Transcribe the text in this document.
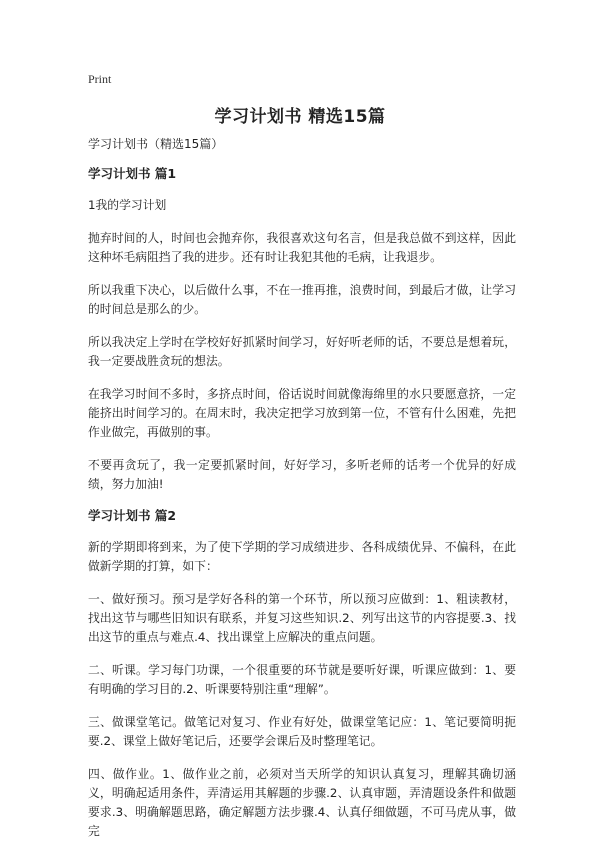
Print
学习计划书 精选15篇
学习计划书（精选15篇）
学习计划书 篇1

1我的学习计划

抛弃时间的人，时间也会抛弃你，我很喜欢这句名言，但是我总做不到这样，因此这种坏毛病阻挡了我的进步。还有时让我犯其他的毛病，让我退步。

所以我重下决心，以后做什么事，不在一推再推，浪费时间，到最后才做，让学习的时间总是那么的少。

所以我决定上学时在学校好好抓紧时间学习，好好听老师的话，不要总是想着玩，我一定要战胜贪玩的想法。

在我学习时间不多时，多挤点时间，俗话说时间就像海绵里的水只要愿意挤，一定能挤出时间学习的。在周末时，我决定把学习放到第一位，不管有什么困难，先把作业做完，再做别的事。

不要再贪玩了，我一定要抓紧时间，好好学习，多听老师的话考一个优异的好成绩，努力加油!

学习计划书 篇2

新的学期即将到来，为了使下学期的学习成绩进步、各科成绩优异、不偏科，在此做新学期的打算，如下：

一、做好预习。预习是学好各科的第一个环节，所以预习应做到：1、粗读教材，找出这节与哪些旧知识有联系，并复习这些知识.2、列写出这节的内容提要.3、找出这节的重点与难点.4、找出课堂上应解决的重点问题。

二、听课。学习每门功课，一个很重要的环节就是要听好课，听课应做到：1、要有明确的学习目的.2、听课要特别注重“理解”。

三、做课堂笔记。做笔记对复习、作业有好处，做课堂笔记应：1、笔记要简明扼要.2、课堂上做好笔记后，还要学会课后及时整理笔记。

四、做作业。1、做作业之前，必须对当天所学的知识认真复习，理解其确切涵义，明确起适用条件，弄清运用其解题的步骤.2、认真审题，弄清题设条件和做题要求.3、明确解题思路，确定解题方法步骤.4、认真仔细做题，不可马虎从事，做完
